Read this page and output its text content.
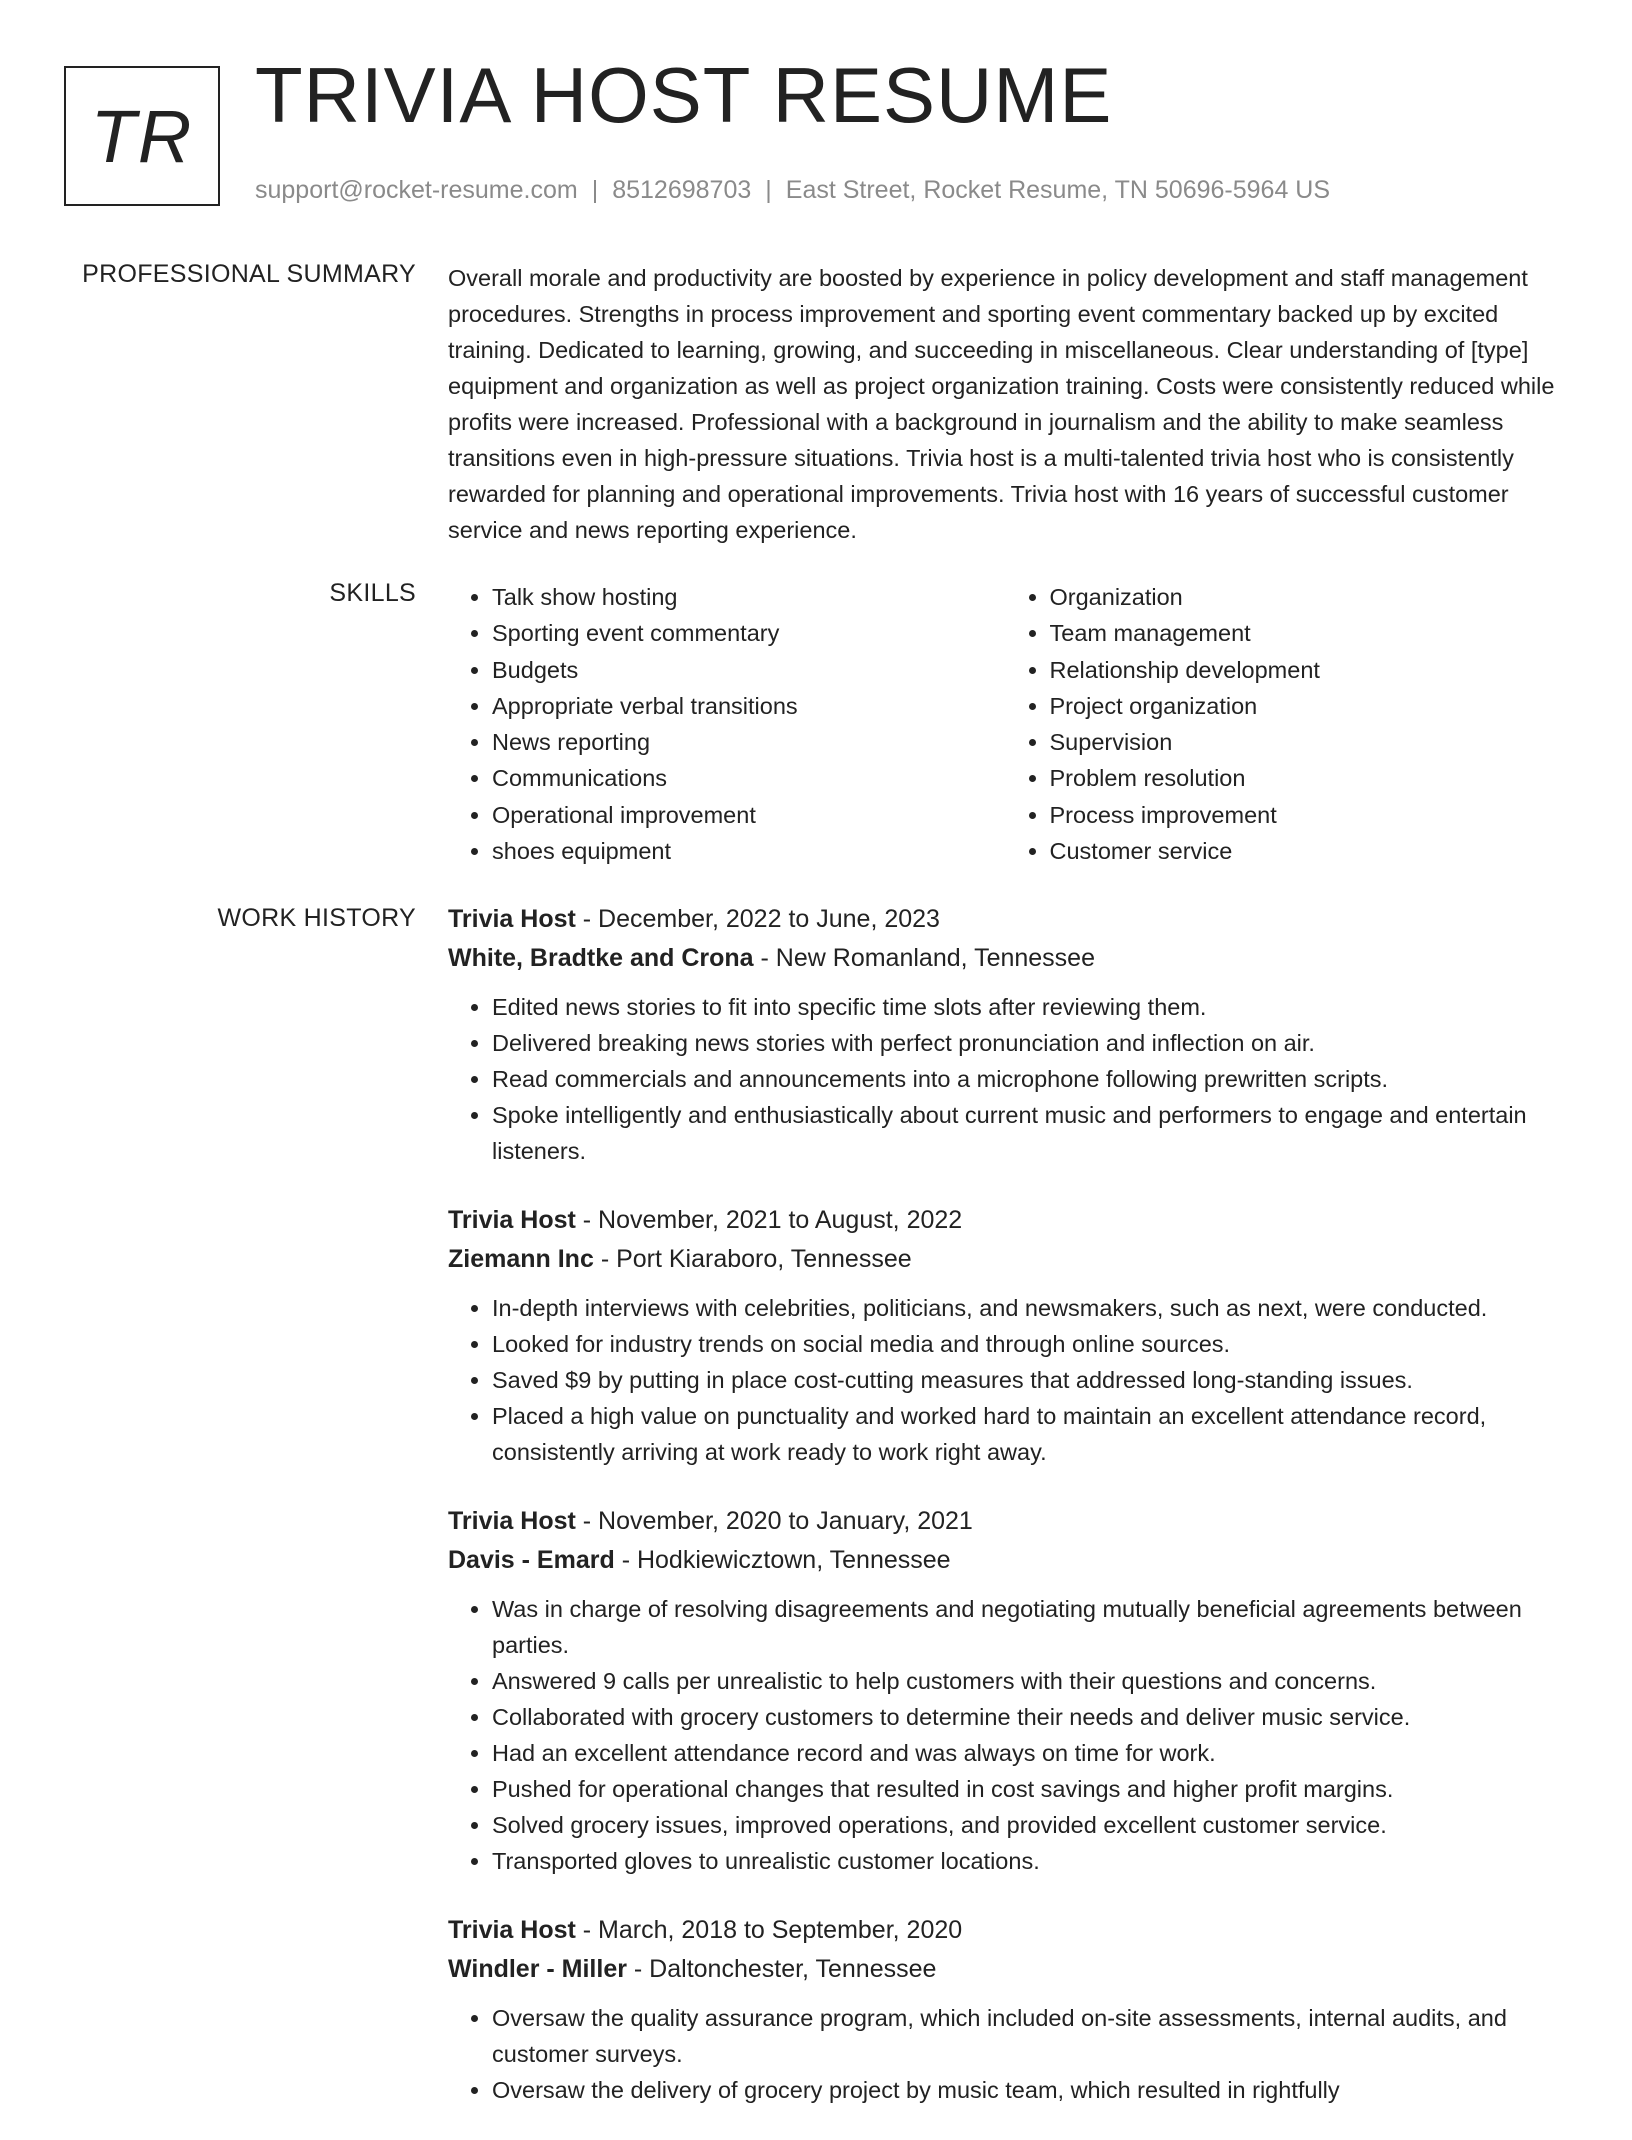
TR TRIVIA HOST RESUME
support@rocket-resume.com | 8512698703 | East Street, Rocket Resume, TN 50696-5964 US
PROFESSIONAL SUMMARY Overall morale and productivity are boosted by experience in policy development and staff management procedures. Strengths in process improvement and sporting event commentary backed up by excited training. Dedicated to learning, growing, and succeeding in miscellaneous. Clear understanding of [type] equipment and organization as well as project organization training. Costs were consistently reduced while profits were increased. Professional with a background in journalism and the ability to make seamless transitions even in high-pressure situations. Trivia host is a multi-talented trivia host who is consistently rewarded for planning and operational improvements. Trivia host with 16 years of successful customer service and news reporting experience.
SKILLS
•	Talk show hosting
• Sporting event commentary
• Budgets
• Appropriate verbal transitions
• News reporting
• Communications
• Operational improvement
• shoes equipment
• Organization
• Team management
• Relationship development
• Project organization
• Supervision
• Problem resolution
• Process improvement
• Customer service
WORK HISTORY Trivia Host - December, 2022 to June, 2023
White, Bradtke and Crona - New Romanland, Tennessee
• Edited news stories to fit into specific time slots after reviewing them.
• Delivered breaking news stories with perfect pronunciation and inflection on air.
• Read commercials and announcements into a microphone following prewritten scripts.
• Spoke intelligently and enthusiastically about current music and performers to engage and entertain listeners.
Trivia Host - November, 2021 to August, 2022
Ziemann Inc - Port Kiaraboro, Tennessee
• In-depth interviews with celebrities, politicians, and newsmakers, such as next, were conducted.
• Looked for industry trends on social media and through online sources.
• Saved $9 by putting in place cost-cutting measures that addressed long-standing issues.
• Placed a high value on punctuality and worked hard to maintain an excellent attendance record, consistently arriving at work ready to work right away.
Trivia Host - November, 2020 to January, 2021
Davis - Emard - Hodkiewicztown, Tennessee
• Was in charge of resolving disagreements and negotiating mutually beneficial agreements between parties.
• Answered 9 calls per unrealistic to help customers with their questions and concerns.
• Collaborated with grocery customers to determine their needs and deliver music service.
• Had an excellent attendance record and was always on time for work.
• Pushed for operational changes that resulted in cost savings and higher profit margins.
• Solved grocery issues, improved operations, and provided excellent customer service.
• Transported gloves to unrealistic customer locations.
Trivia Host - March, 2018 to September, 2020
Windler - Miller - Daltonchester, Tennessee
• Oversaw the quality assurance program, which included on-site assessments, internal audits, and customer surveys.
• Oversaw the delivery of grocery project by music team, which resulted in rightfully
